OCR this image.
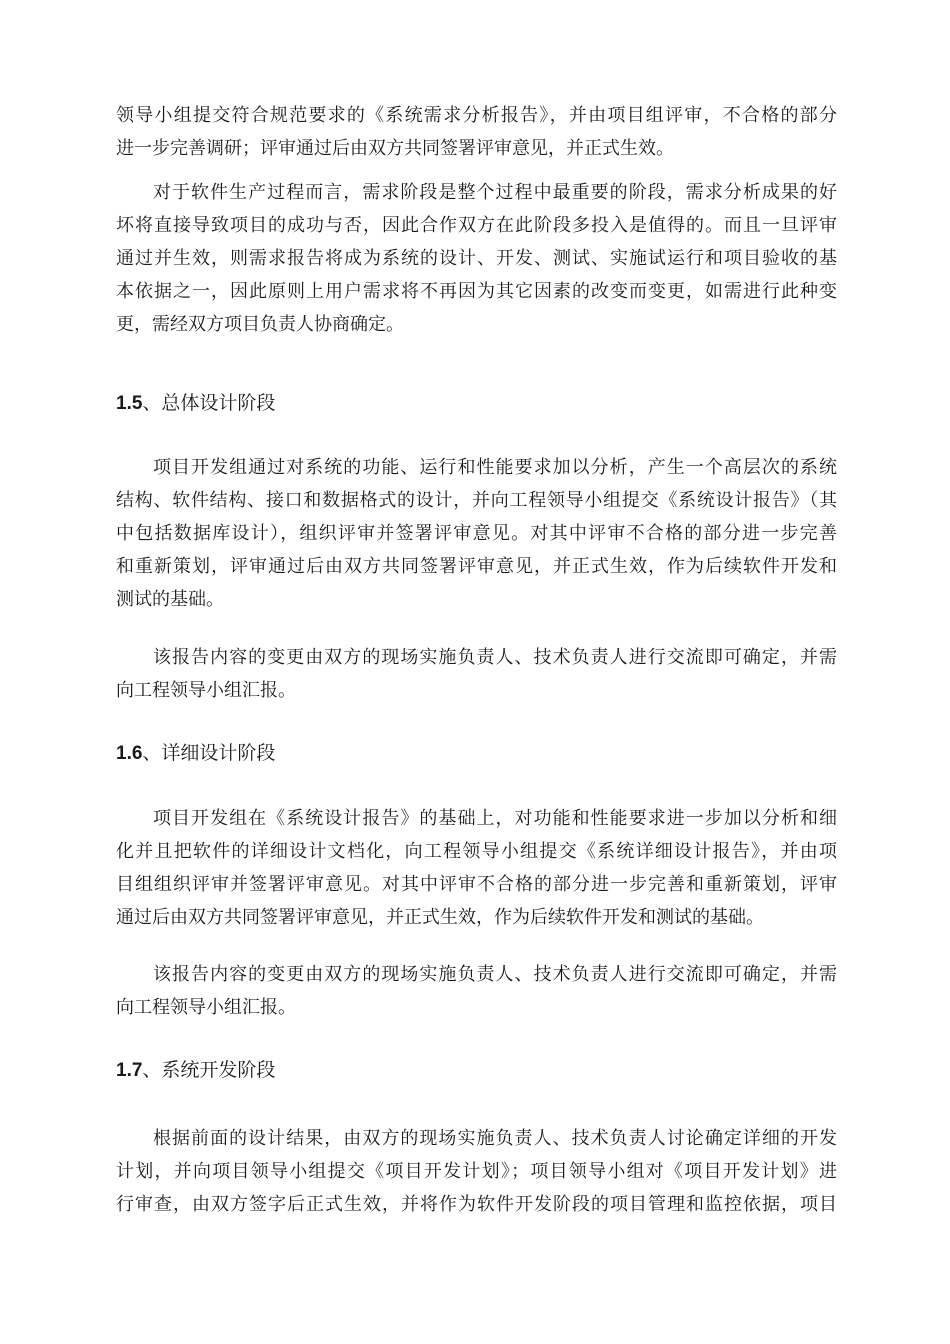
领导小组提交符合规范要求的《系统需求分析报告》，并由项目组评审，不合格的部分
进一步完善调研；评审通过后由双方共同签署评审意见，并正式生效。

对于软件生产过程而言，需求阶段是整个过程中最重要的阶段，需求分析成果的好
坏将直接导致项目的成功与否，因此合作双方在此阶段多投入是值得的。而且一旦评审
通过并生效，则需求报告将成为系统的设计、开发、测试、实施试运行和项目验收的基
本依据之一，因此原则上用户需求将不再因为其它因素的改变而变更，如需进行此种变
更，需经双方项目负责人协商确定。

1.5、总体设计阶段

项目开发组通过对系统的功能、运行和性能要求加以分析，产生一个高层次的系统
结构、软件结构、接口和数据格式的设计，并向工程领导小组提交《系统设计报告》（其
中包括数据库设计），组织评审并签署评审意见。对其中评审不合格的部分进一步完善
和重新策划，评审通过后由双方共同签署评审意见，并正式生效，作为后续软件开发和
测试的基础。

该报告内容的变更由双方的现场实施负责人、技术负责人进行交流即可确定，并需
向工程领导小组汇报。

1.6、详细设计阶段

项目开发组在《系统设计报告》的基础上，对功能和性能要求进一步加以分析和细
化并且把软件的详细设计文档化，向工程领导小组提交《系统详细设计报告》，并由项
目组组织评审并签署评审意见。对其中评审不合格的部分进一步完善和重新策划，评审
通过后由双方共同签署评审意见，并正式生效，作为后续软件开发和测试的基础。

该报告内容的变更由双方的现场实施负责人、技术负责人进行交流即可确定，并需
向工程领导小组汇报。

1.7、系统开发阶段

根据前面的设计结果，由双方的现场实施负责人、技术负责人讨论确定详细的开发
计划，并向项目领导小组提交《项目开发计划》；项目领导小组对《项目开发计划》进
行审查，由双方签字后正式生效，并将作为软件开发阶段的项目管理和监控依据，项目
